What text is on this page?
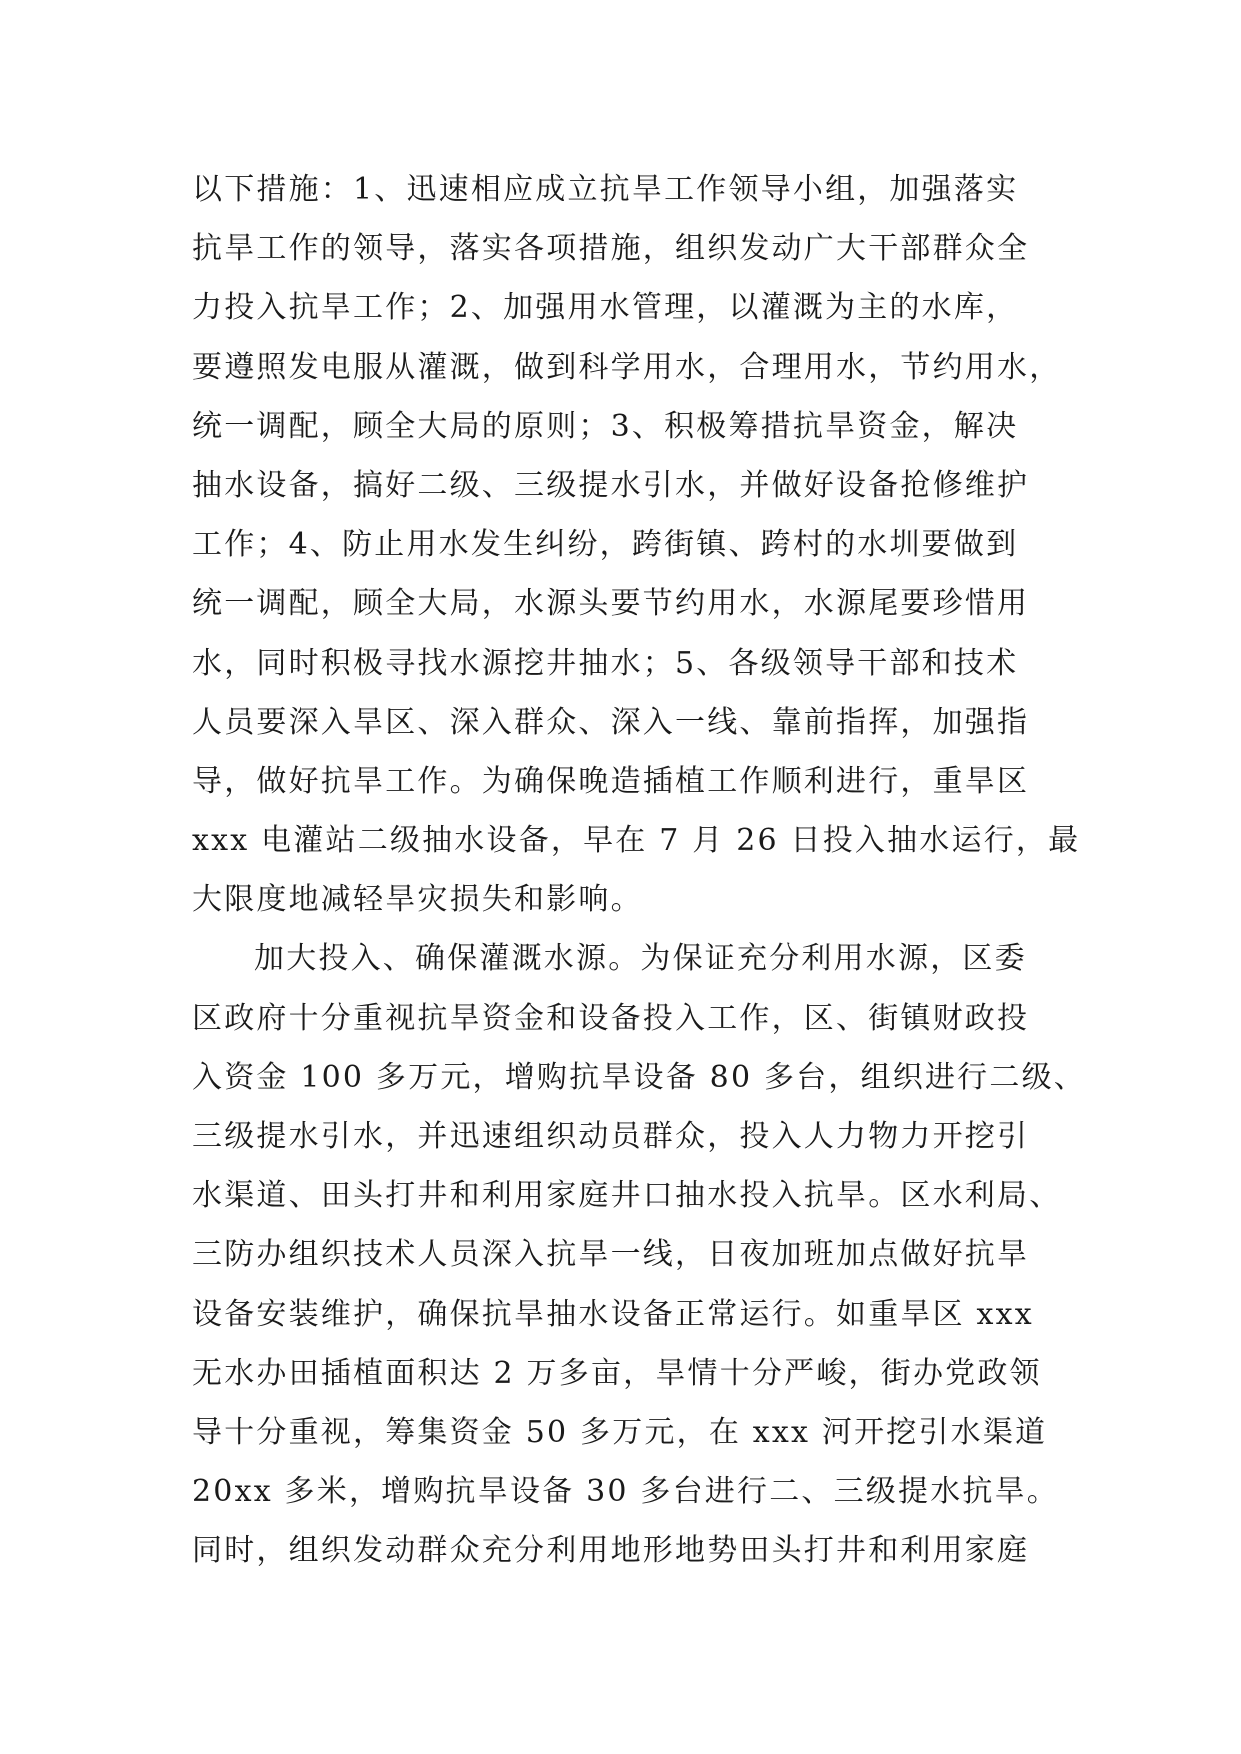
以下措施：1、迅速相应成立抗旱工作领导小组，加强落实
抗旱工作的领导，落实各项措施，组织发动广大干部群众全
力投入抗旱工作；2、加强用水管理，以灌溉为主的水库，
要遵照发电服从灌溉，做到科学用水，合理用水，节约用水，
统一调配，顾全大局的原则；3、积极筹措抗旱资金，解决
抽水设备，搞好二级、三级提水引水，并做好设备抢修维护
工作；4、防止用水发生纠纷，跨街镇、跨村的水圳要做到
统一调配，顾全大局，水源头要节约用水，水源尾要珍惜用
水，同时积极寻找水源挖井抽水；5、各级领导干部和技术
人员要深入旱区、深入群众、深入一线、靠前指挥，加强指
导，做好抗旱工作。为确保晚造插植工作顺利进行，重旱区
xxx 电灌站二级抽水设备，早在 7 月 26 日投入抽水运行，最
大限度地减轻旱灾损失和影响。
加大投入、确保灌溉水源。为保证充分利用水源，区委
区政府十分重视抗旱资金和设备投入工作，区、街镇财政投
入资金 100 多万元，增购抗旱设备 80 多台，组织进行二级、
三级提水引水，并迅速组织动员群众，投入人力物力开挖引
水渠道、田头打井和利用家庭井口抽水投入抗旱。区水利局、
三防办组织技术人员深入抗旱一线，日夜加班加点做好抗旱
设备安装维护，确保抗旱抽水设备正常运行。如重旱区 xxx
无水办田插植面积达 2 万多亩，旱情十分严峻，街办党政领
导十分重视，筹集资金 50 多万元，在 xxx 河开挖引水渠道
20xx 多米，增购抗旱设备 30 多台进行二、三级提水抗旱。
同时，组织发动群众充分利用地形地势田头打井和利用家庭
